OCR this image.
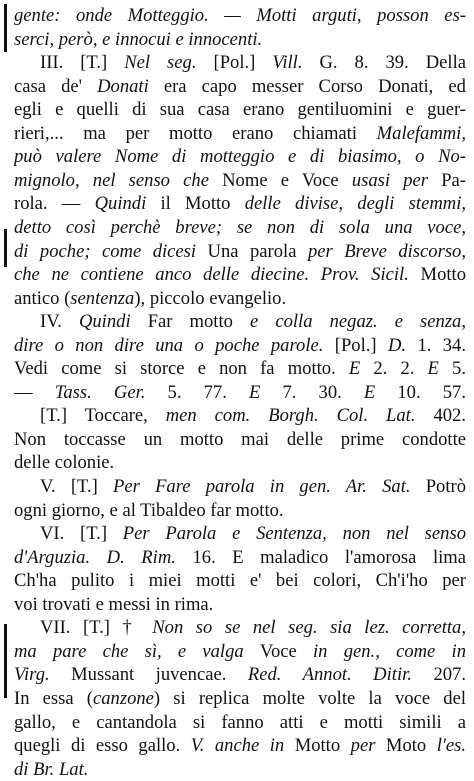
gente: onde Motteggio. — Motti arguti, posson es-
serci, però, e innocui e innocenti.
III. [T.] Nel seg. [Pol.] Vill. G. 8. 39. Della
casa de' Donati era capo messer Corso Donati, ed
egli e quelli di sua casa erano gentiluomini e guer-
rieri,... ma per motto erano chiamati Malefammi,
può valere Nome di motteggio e di biasimo, o No-
mignolo, nel senso che Nome e Voce usasi per Pa-
rola. — Quindi il Motto delle divise, degli stemmi,
detto così perchè breve; se non di sola una voce,
di poche; come dicesi Una parola per Breve discorso,
che ne contiene anco delle diecine. Prov. Sicil. Motto
antico (sentenza), piccolo evangelio.
IV. Quindi Far motto e colla negaz. e senza,
dire o non dire una o poche parole. [Pol.] D. 1. 34.
Vedi come si storce e non fa motto. E 2. 2. E 5.
— Tass. Ger. 5. 77. E 7. 30. E 10. 57.
[T.] Toccare, men com. Borgh. Col. Lat. 402.
Non toccasse un motto mai delle prime condotte
delle colonie.
V. [T.] Per Fare parola in gen. Ar. Sat. Potrò
ogni giorno, e al Tibaldeo far motto.
VI. [T.] Per Parola e Sentenza, non nel senso
d'Arguzia. D. Rim. 16. E maladico l'amorosa lima
Ch'ha pulito i miei motti e' bei colori, Ch'i'ho per
voi trovati e messi in rima.
VII. [T.] † Non so se nel seg. sia lez. corretta,
ma pare che sì, e valga Voce in gen., come in
Virg. Mussant juvencae. Red. Annot. Ditir. 207.
In essa (canzone) si replica molte volte la voce del
gallo, e cantandola si fanno atti e motti simili a
quegli di esso gallo. V. anche in Motto per Moto l'es.
di Br. Lat.
